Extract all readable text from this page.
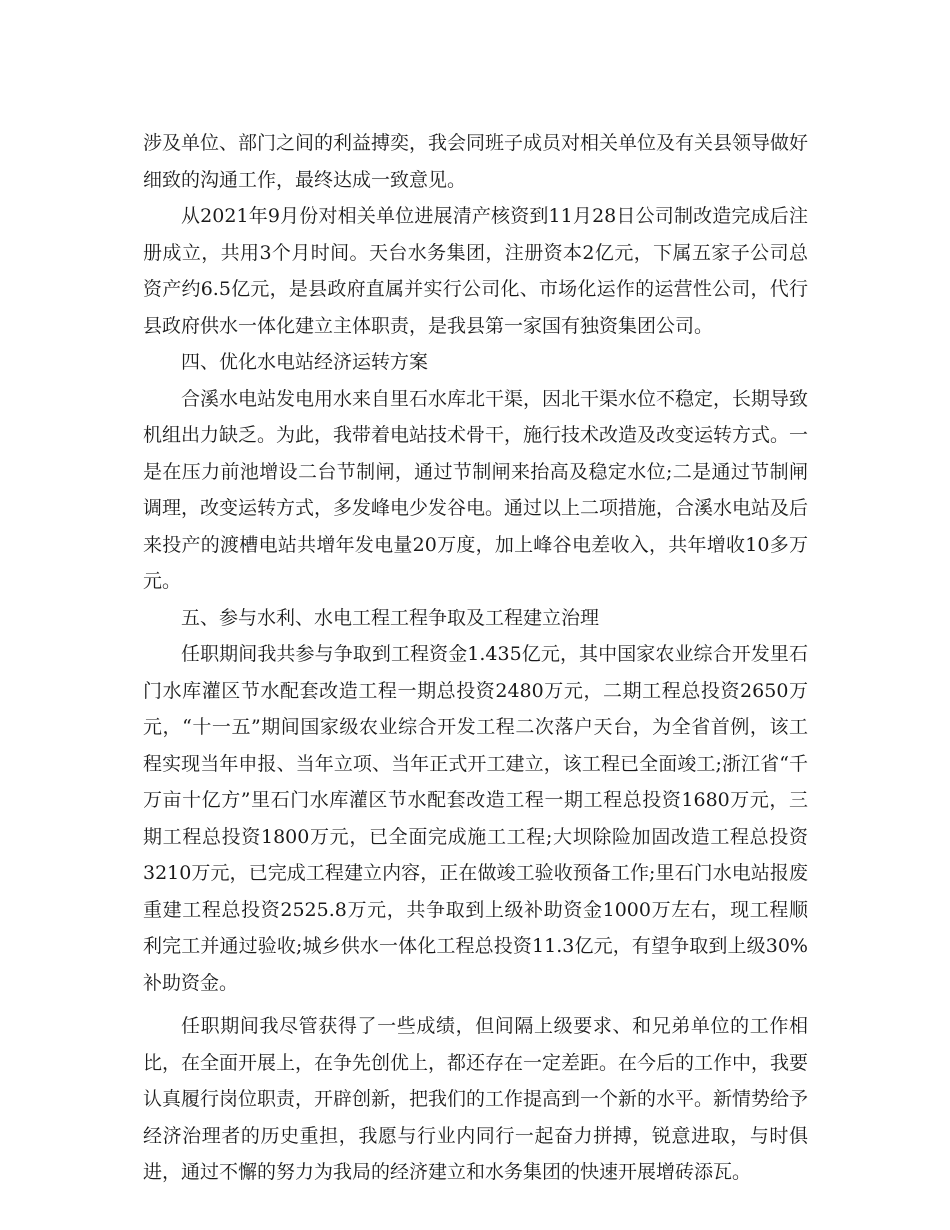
涉及单位、部门之间的利益搏奕，我会同班子成员对相关单位及有关县领导做好细致的沟通工作，最终达成一致意见。

从2021年9月份对相关单位进展清产核资到11月28日公司制改造完成后注册成立，共用3个月时间。天台水务集团，注册资本2亿元，下属五家子公司总资产约6.5亿元，是县政府直属并实行公司化、市场化运作的运营性公司，代行县政府供水一体化建立主体职责，是我县第一家国有独资集团公司。

四、优化水电站经济运转方案

合溪水电站发电用水来自里石水库北干渠，因北干渠水位不稳定，长期导致机组出力缺乏。为此，我带着电站技术骨干，施行技术改造及改变运转方式。一是在压力前池增设二台节制闸，通过节制闸来抬高及稳定水位;二是通过节制闸调理，改变运转方式，多发峰电少发谷电。通过以上二项措施，合溪水电站及后来投产的渡槽电站共增年发电量20万度，加上峰谷电差收入，共年增收10多万元。

五、参与水利、水电工程工程争取及工程建立治理

任职期间我共参与争取到工程资金1.435亿元，其中国家农业综合开发里石门水库灌区节水配套改造工程一期总投资2480万元，二期工程总投资2650万元，“十一五”期间国家级农业综合开发工程二次落户天台，为全省首例，该工程实现当年申报、当年立项、当年正式开工建立，该工程已全面竣工;浙江省“千万亩十亿方”里石门水库灌区节水配套改造工程一期工程总投资1680万元，三期工程总投资1800万元，已全面完成施工工程;大坝除险加固改造工程总投资3210万元，已完成工程建立内容，正在做竣工验收预备工作;里石门水电站报废重建工程总投资2525.8万元，共争取到上级补助资金1000万左右，现工程顺利完工并通过验收;城乡供水一体化工程总投资11.3亿元，有望争取到上级30%补助资金。

任职期间我尽管获得了一些成绩，但间隔上级要求、和兄弟单位的工作相比，在全面开展上，在争先创优上，都还存在一定差距。在今后的工作中，我要认真履行岗位职责，开辟创新，把我们的工作提高到一个新的水平。新情势给予经济治理者的历史重担，我愿与行业内同行一起奋力拼搏，锐意进取，与时俱进，通过不懈的努力为我局的经济建立和水务集团的快速开展增砖添瓦。
